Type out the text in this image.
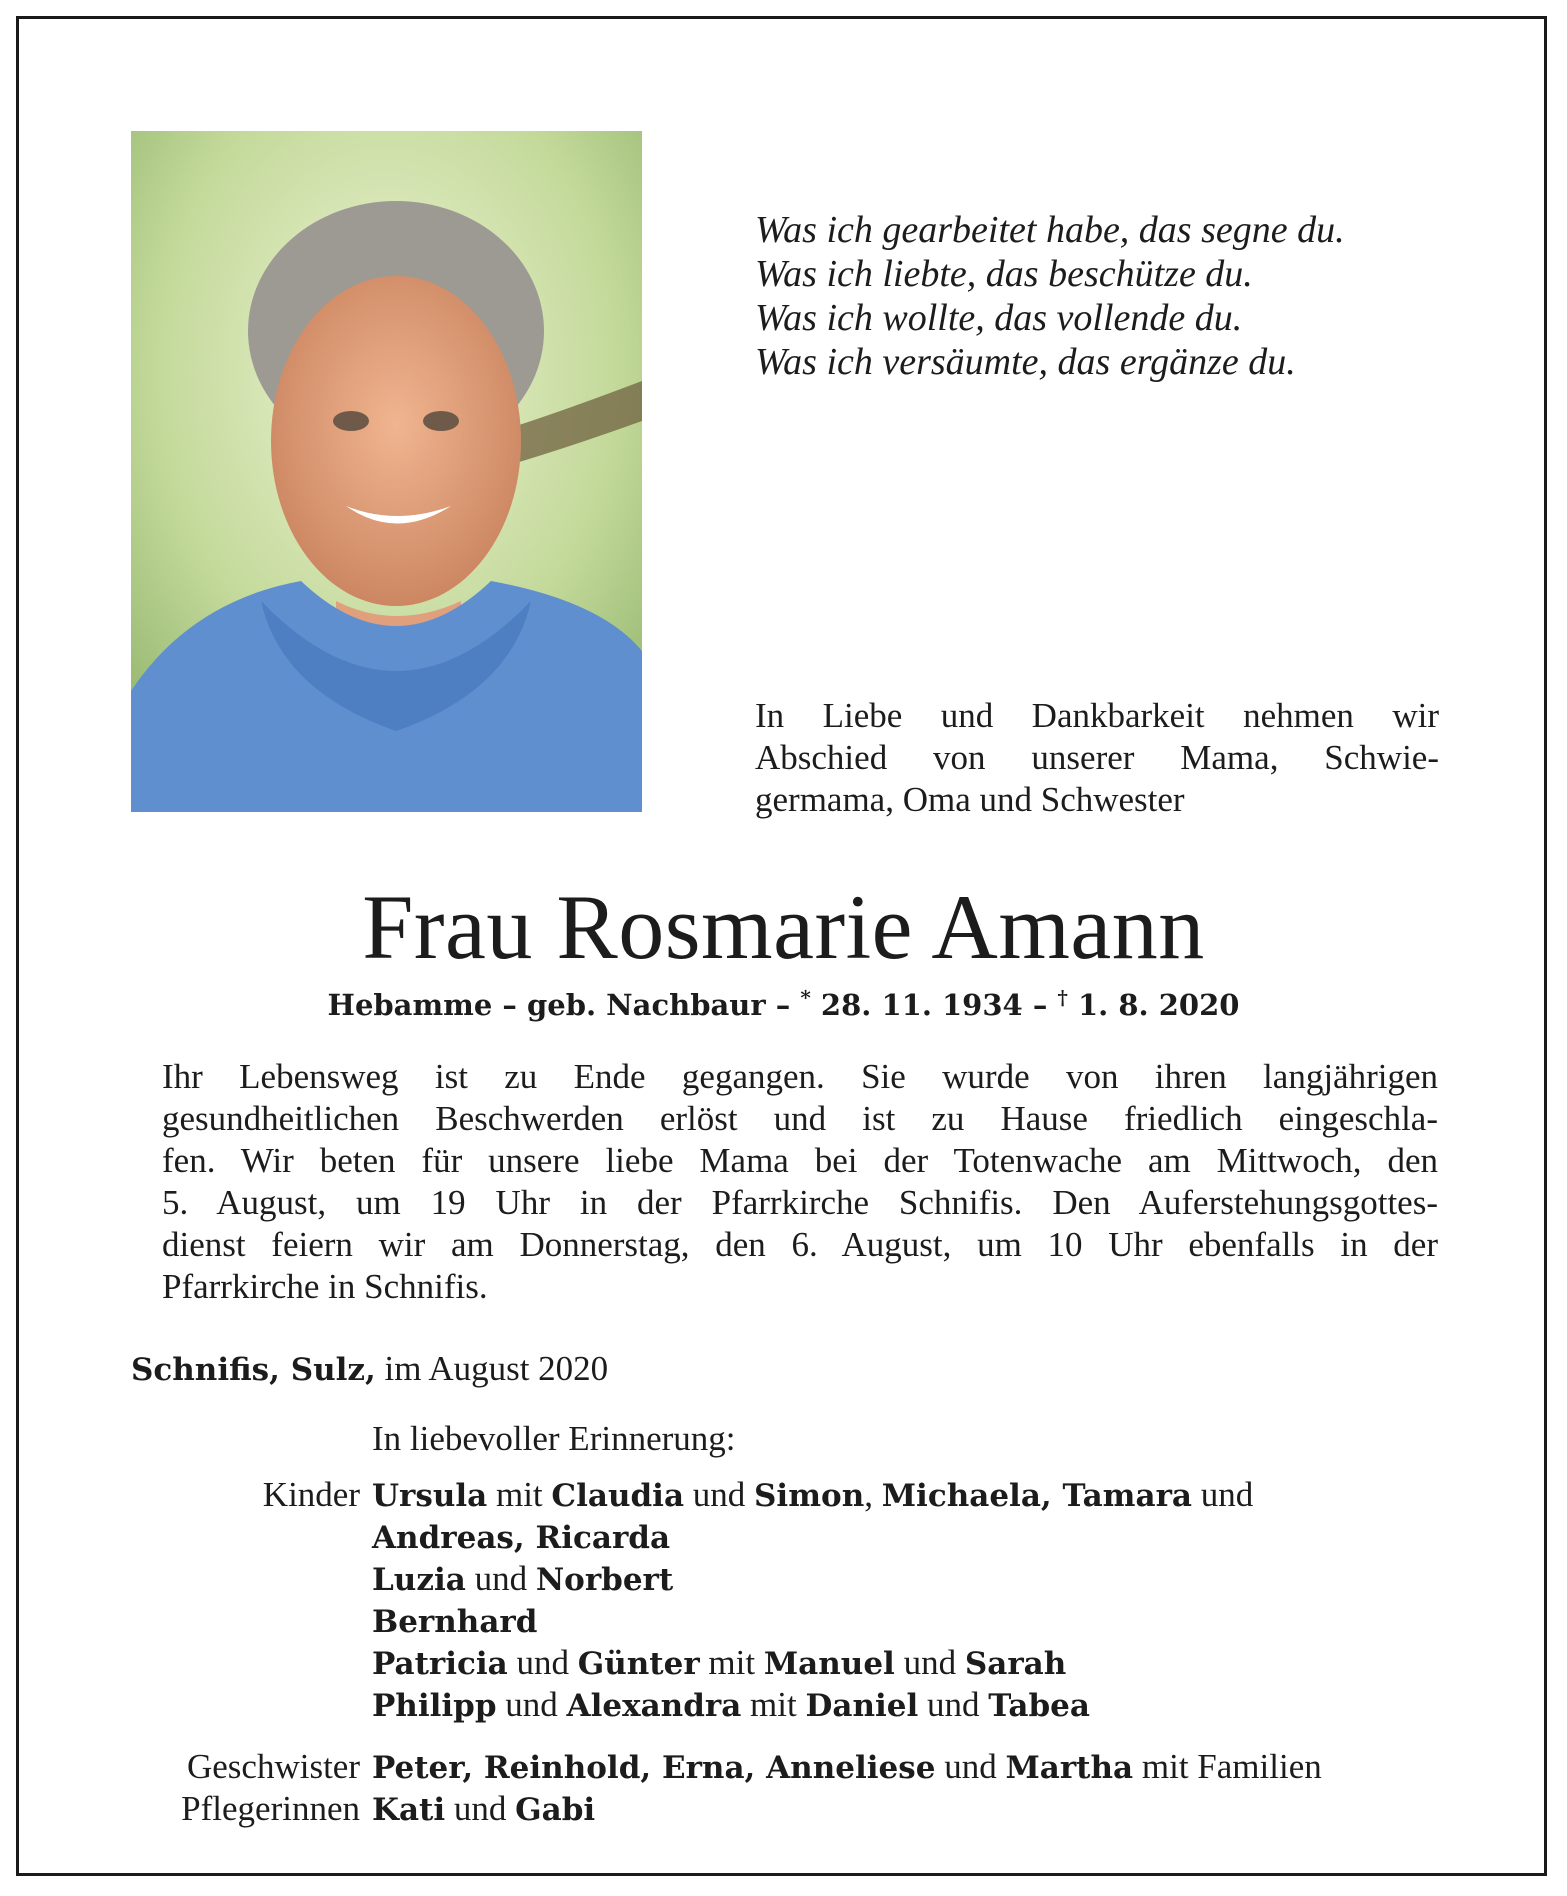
Was ich gearbeitet habe, das segne du.
Was ich liebte, das beschütze du.
Was ich wollte, das vollende du.
Was ich versäumte, das ergänze du.
In Liebe und Dankbarkeit nehmen wir
Abschied von unserer Mama, Schwie-
germama, Oma und Schwester
Frau Rosmarie Amann
Hebamme – geb. Nachbaur – * 28. 11. 1934 – † 1. 8. 2020
Ihr Lebensweg ist zu Ende gegangen. Sie wurde von ihren langjährigen
gesundheitlichen Beschwerden erlöst und ist zu Hause friedlich eingeschla-
fen. Wir beten für unsere liebe Mama bei der Totenwache am Mittwoch, den
5. August, um 19 Uhr in der Pfarrkirche Schnifis. Den Auferstehungsgottes-
dienst feiern wir am Donnerstag, den 6. August, um 10 Uhr ebenfalls in der
Pfarrkirche in Schnifis.
Schnifis, Sulz, im August 2020
In liebevoller Erinnerung:
Kinder
Geschwister
Pflegerinnen
Ursula mit Claudia und Simon, Michaela, Tamara und
Andreas, Ricarda
Luzia und Norbert
Bernhard
Patricia und Günter mit Manuel und Sarah
Philipp und Alexandra mit Daniel und Tabea
Peter, Reinhold, Erna, Anneliese und Martha mit Familien
Kati und Gabi
